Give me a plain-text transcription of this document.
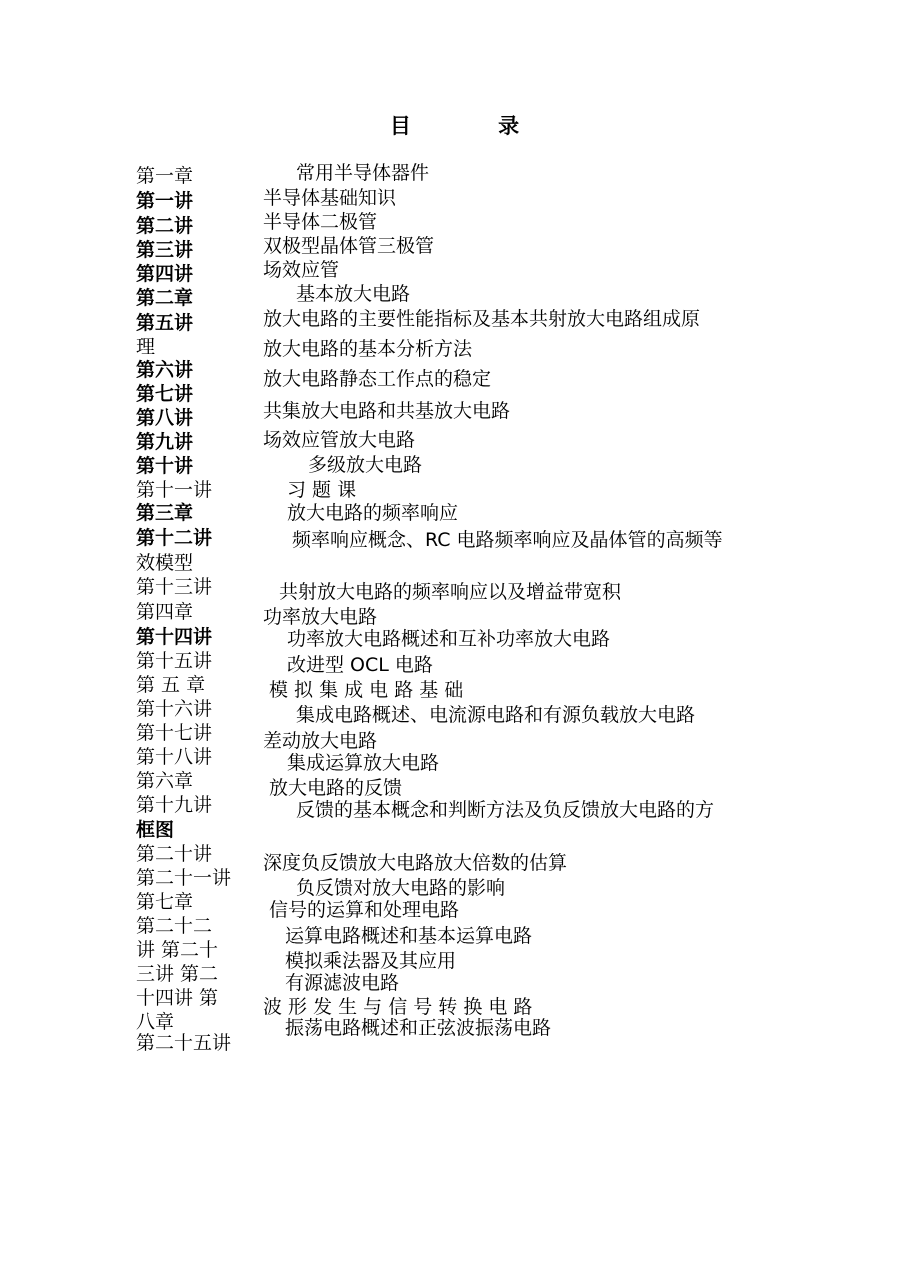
目 录
第一章
第一讲
第二讲
第三讲
第四讲
第二章
第五讲
理
第六讲
第七讲
第八讲
第九讲
第十讲
第十一讲
第三章
第十二讲
效模型
第十三讲
第四章
第十四讲
第十五讲
第 五 章
第十六讲
第十七讲
第十八讲
第六章
第十九讲
框图
第二十讲
第二十一讲
第七章
第二十二
讲 第二十
三讲 第二
十四讲 第
八章
第二十五讲
常用半导体器件
半导体基础知识
半导体二极管
双极型晶体管三极管
场效应管
基本放大电路
放大电路的主要性能指标及基本共射放大电路组成原
放大电路的基本分析方法
放大电路静态工作点的稳定
共集放大电路和共基放大电路
场效应管放大电路
多级放大电路
习 题 课
放大电路的频率响应
频率响应概念、RC 电路频率响应及晶体管的高频等
共射放大电路的频率响应以及增益带宽积
功率放大电路
功率放大电路概述和互补功率放大电路
改进型 OCL 电路
模 拟 集 成 电 路 基 础
集成电路概述、电流源电路和有源负载放大电路
差动放大电路
集成运算放大电路
放大电路的反馈
反馈的基本概念和判断方法及负反馈放大电路的方
深度负反馈放大电路放大倍数的估算
负反馈对放大电路的影响
信号的运算和处理电路
运算电路概述和基本运算电路
模拟乘法器及其应用
有源滤波电路
波 形 发 生 与 信 号 转 换 电 路
振荡电路概述和正弦波振荡电路
